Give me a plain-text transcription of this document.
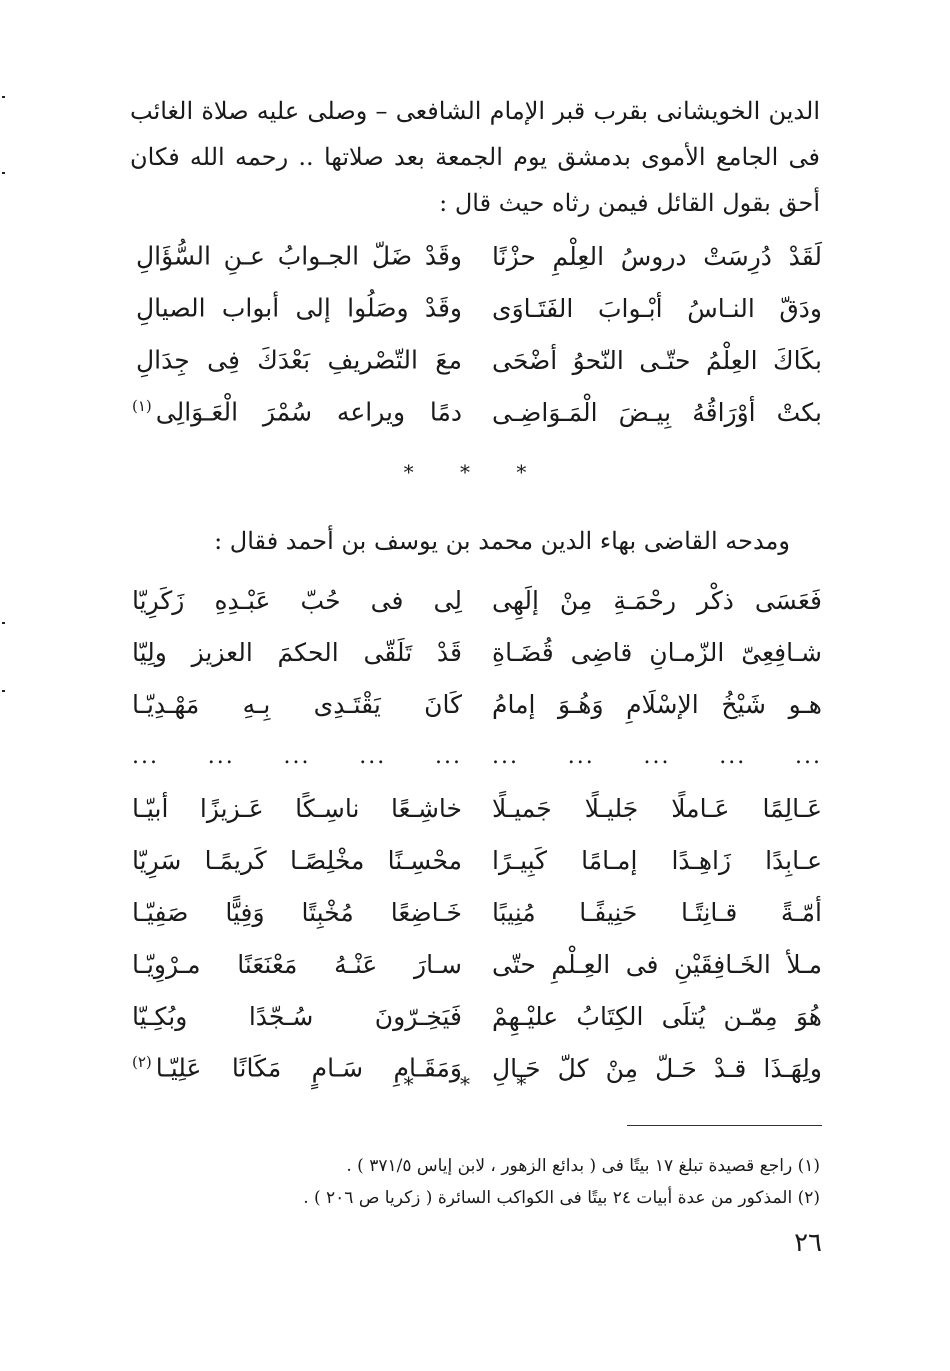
الدين الخويشانى بقرب قبر الإمام الشافعى – وصلى عليه صلاة الغائب فى الجامع الأموى بدمشق يوم الجمعة بعد صلاتها .. رحمه الله فكان أحق بقول القائل فيمن رثاه حيث قال :

لَقَدْ دُرِسَتْ دروسُ العِلْمِ حزْنًا
وقَدْ ضَلّ الجـوابُ عـنِ السُّؤَالِ
ودَقّ النـاسُ أبْـوابَ الفَتَـاوَى
وقَدْ وصَلُوا إلى أبواب الصيالِ
بكَاكَ العِلْمُ حتّـى النّحوُ أضْحَى
معَ التّصْريفِ بَعْدَكَ فِى جِدَالِ
بكتْ أوْرَاقُهُ بِيـضَ الْمَـوَاضِـى
دمًا ويراعه سُمْرَ الْعَـوَالِى$^{(١)}$
* * *
ومدحه القاضى بهاء الدين محمد بن يوسف بن أحمد فقال :
فَعَسَى ذكْر رحْمَـةِ مِنْ إلَهِى
لِى فى حُبّ عَبْـدِهِ زَكَرِيّا
شـافِعِىّ الزّمـانِ قاضِى قُضَـاةِ
قَدْ تَلَقّى الحكمَ العزيز ولِيّا
هـو شَيْخُ الإسْلَامِ وَهُـوَ إمامُ
كَانَ يَقْتَـدِى بِـهِ مَهْـدِيّـا
... ... ... ... ...
... ... ... ... ...
عَـالِمًا عَـاملًا جَليـلًا جَميـلًا
خاشِـعًا ناسِـكًا عَـزيزًا أبيّـا
عـابِدًا زَاهِـدًا إمـامًا كَبِيـرًا
محْسِـنًا مخْلِصًـا كَريمًـا سَرِيّا
أمّـةً قـانِتًـا حَنِيفًـا مُنِيبًا
خَـاضِعًا مُخْبِتًا وَفِيًّا صَفِيّـا
مـلأ الخَـافِقَيْنِ فى العِـلْمِ حتّى
سـارَ عَنْـهُ مَعْنَعَنًا مـرْوِيّـا
هُوَ مِمّـن يُتلَى الكِتَابُ عليْـهِمْ
فَيَخِـرّونَ سُـجّدًا وبُكِـيّا
ولِهَـذَا قـدْ حَـلّ مِنْ كلّ حَـالِ
وَمَقَـامِ سَـامٍ مَكَانًا عَلِيّـا$^{(٢)}$
* * *
(١) راجع قصيدة تبلغ ١٧ بيتًا فى ( بدائع الزهور ، لابن إياس ٣٧١/٥ ) .
(٢) المذكور من عدة أبيات ٢٤ بيتًا فى الكواكب السائرة ( زكريا ص ٢٠٦ ) .
٢٦
